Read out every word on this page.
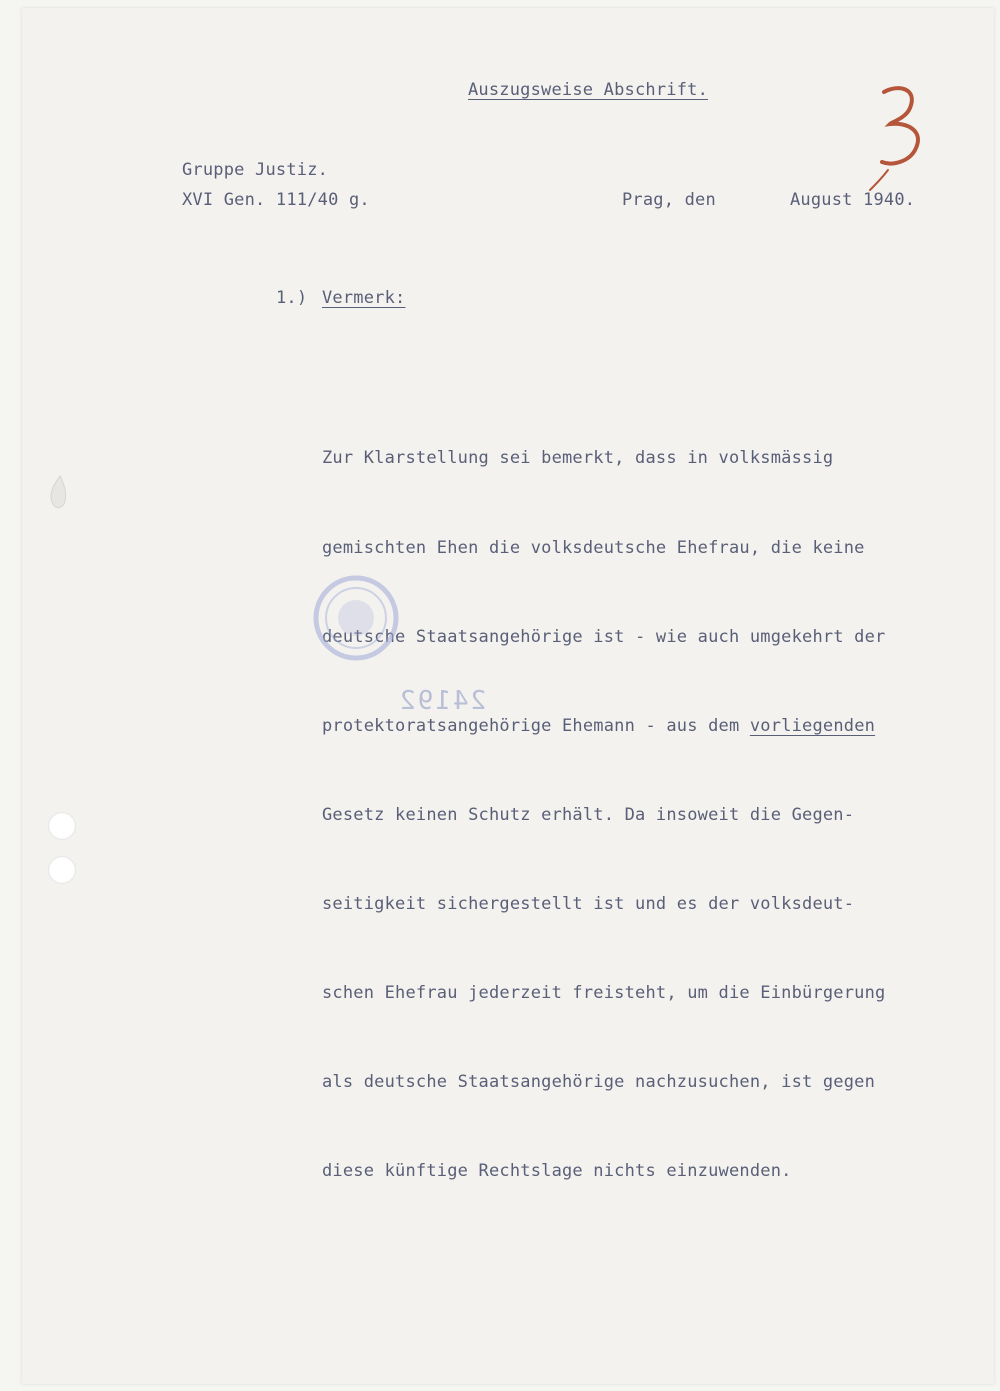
Auszugsweise Abschrift.
Gruppe Justiz.
XVI Gen. 111/40 g.	Prag, den	August 1940.
1.) Vermerk:

Zur Klarstellung sei bemerkt, dass in volksmässig

gemischten Ehen die volksdeutsche Ehefrau, die keine

deutsche Staatsangehörige ist - wie auch umgekehrt der

protektoratsangehörige Ehemann - aus dem vorliegenden

Gesetz keinen Schutz erhält. Da insoweit die Gegen-

seitigkeit sichergestellt ist und es der volksdeut-

schen Ehefrau jederzeit freisteht, um die Einbürgerung

als deutsche Staatsangehörige nachzusuchen, ist gegen

diese künftige Rechtslage nichts einzuwenden.

24192
